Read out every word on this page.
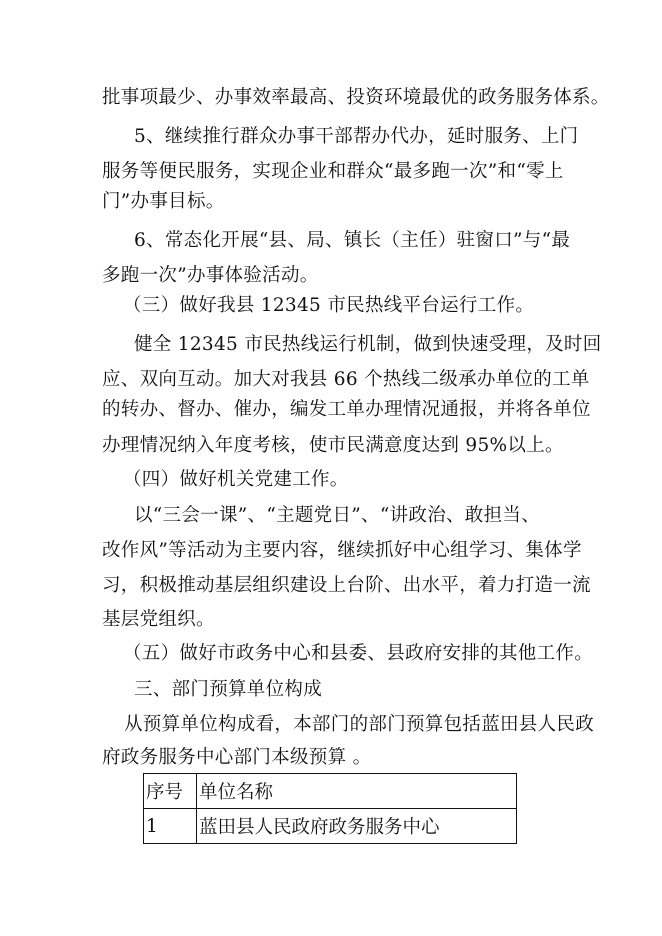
批事项最少、办事效率最高、投资环境最优的政务服务体系。
5、继续推行群众办事干部帮办代办，延时服务、上门
服务等便民服务，实现企业和群众“最多跑一次”和“零上
门”办事目标。
6、常态化开展“县、局、镇长（主任）驻窗口”与“最
多跑一次”办事体验活动。
（三）做好我县 12345 市民热线平台运行工作。
健全 12345 市民热线运行机制，做到快速受理，及时回
应、双向互动。加大对我县 66 个热线二级承办单位的工单
的转办、督办、催办，编发工单办理情况通报，并将各单位
办理情况纳入年度考核，使市民满意度达到 95%以上。
（四）做好机关党建工作。
以“三会一课”、“主题党日”、“讲政治、敢担当、
改作风”等活动为主要内容，继续抓好中心组学习、集体学
习，积极推动基层组织建设上台阶、出水平，着力打造一流
基层党组织。
（五）做好市政务中心和县委、县政府安排的其他工作。
三、部门预算单位构成
从预算单位构成看，本部门的部门预算包括蓝田县人民政
府政务服务中心部门本级预算 。
序号	单位名称
1	蓝田县人民政府政务服务中心
